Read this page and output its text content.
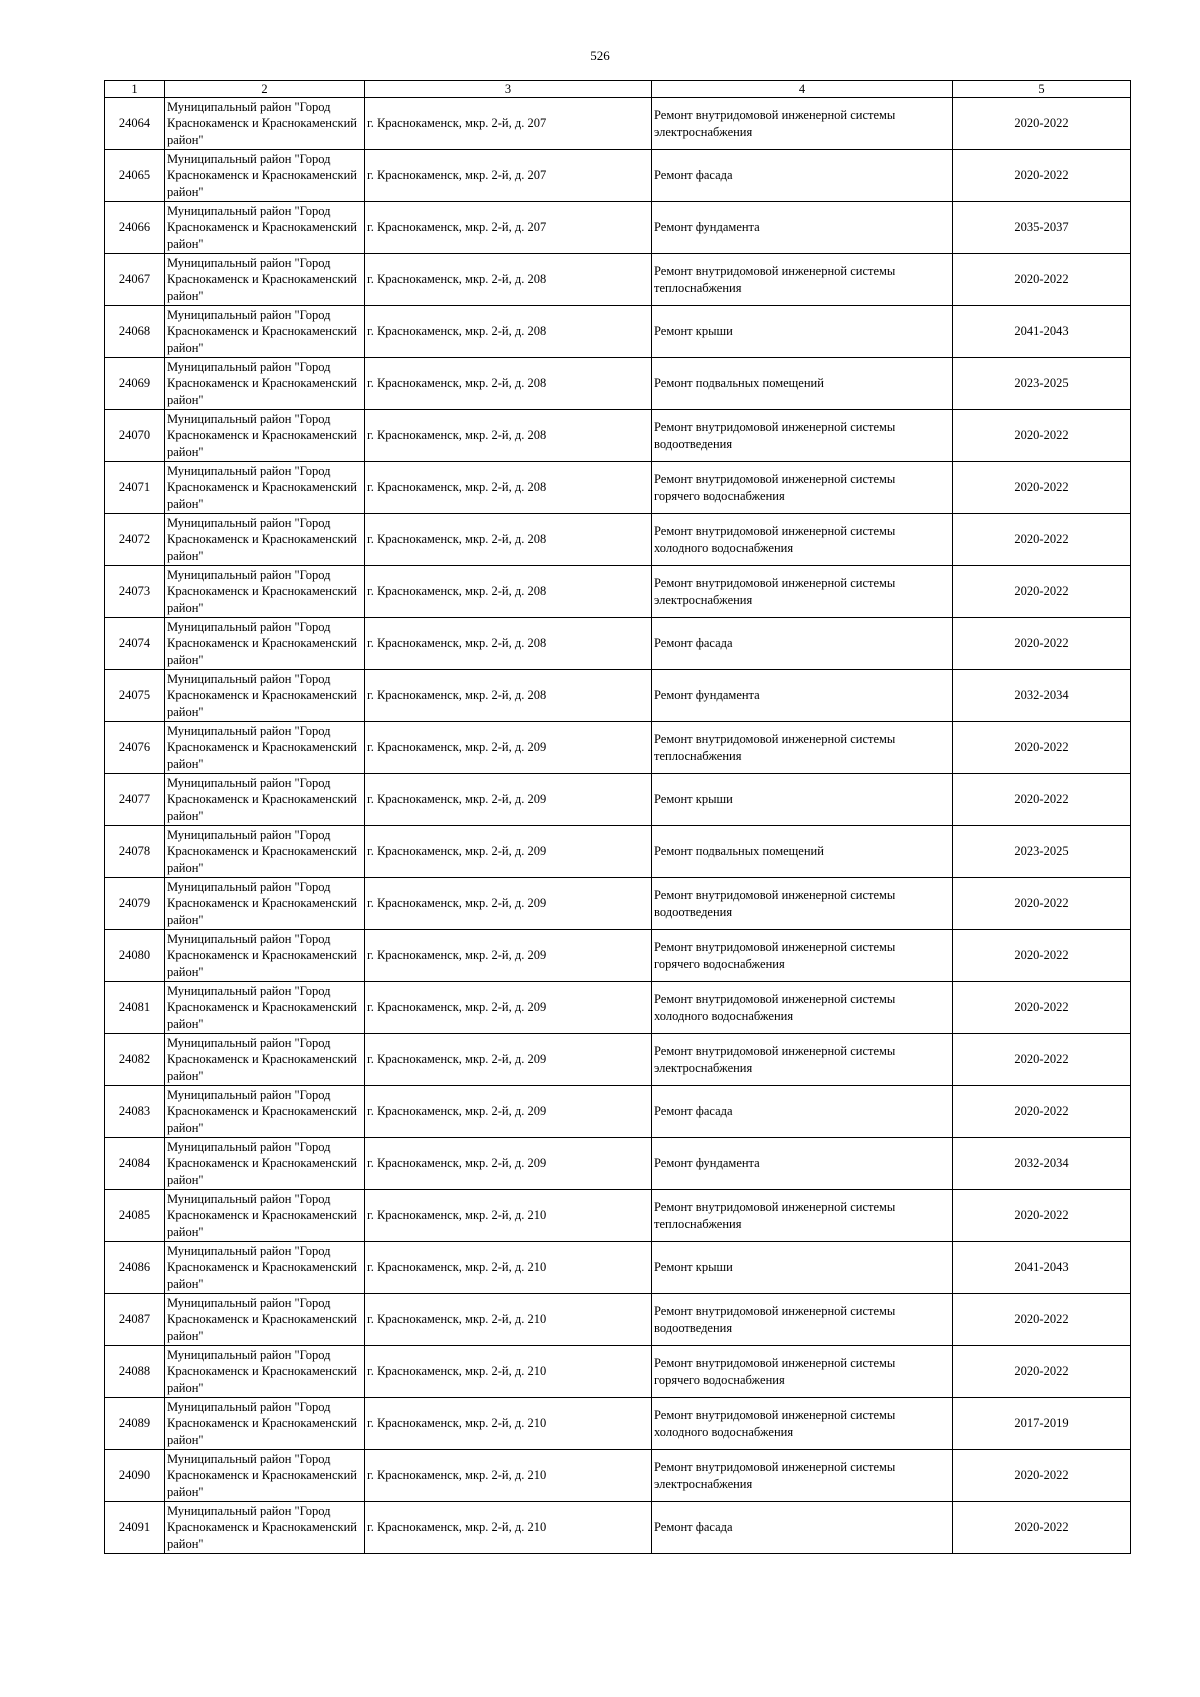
526
1	2	3	4	5
24064	Муниципальный район "Город Краснокаменск и Краснокаменский район"	г. Краснокаменск, мкр. 2-й, д. 207	Ремонт внутридомовой инженерной системы электроснабжения	2020-2022
24065	Муниципальный район "Город Краснокаменск и Краснокаменский район"	г. Краснокаменск, мкр. 2-й, д. 207	Ремонт фасада	2020-2022
24066	Муниципальный район "Город Краснокаменск и Краснокаменский район"	г. Краснокаменск, мкр. 2-й, д. 207	Ремонт фундамента	2035-2037
24067	Муниципальный район "Город Краснокаменск и Краснокаменский район"	г. Краснокаменск, мкр. 2-й, д. 208	Ремонт внутридомовой инженерной системы теплоснабжения	2020-2022
24068	Муниципальный район "Город Краснокаменск и Краснокаменский район"	г. Краснокаменск, мкр. 2-й, д. 208	Ремонт крыши	2041-2043
24069	Муниципальный район "Город Краснокаменск и Краснокаменский район"	г. Краснокаменск, мкр. 2-й, д. 208	Ремонт подвальных помещений	2023-2025
24070	Муниципальный район "Город Краснокаменск и Краснокаменский район"	г. Краснокаменск, мкр. 2-й, д. 208	Ремонт внутридомовой инженерной системы водоотведения	2020-2022
24071	Муниципальный район "Город Краснокаменск и Краснокаменский район"	г. Краснокаменск, мкр. 2-й, д. 208	Ремонт внутридомовой инженерной системы горячего водоснабжения	2020-2022
24072	Муниципальный район "Город Краснокаменск и Краснокаменский район"	г. Краснокаменск, мкр. 2-й, д. 208	Ремонт внутридомовой инженерной системы холодного водоснабжения	2020-2022
24073	Муниципальный район "Город Краснокаменск и Краснокаменский район"	г. Краснокаменск, мкр. 2-й, д. 208	Ремонт внутридомовой инженерной системы электроснабжения	2020-2022
24074	Муниципальный район "Город Краснокаменск и Краснокаменский район"	г. Краснокаменск, мкр. 2-й, д. 208	Ремонт фасада	2020-2022
24075	Муниципальный район "Город Краснокаменск и Краснокаменский район"	г. Краснокаменск, мкр. 2-й, д. 208	Ремонт фундамента	2032-2034
24076	Муниципальный район "Город Краснокаменск и Краснокаменский район"	г. Краснокаменск, мкр. 2-й, д. 209	Ремонт внутридомовой инженерной системы теплоснабжения	2020-2022
24077	Муниципальный район "Город Краснокаменск и Краснокаменский район"	г. Краснокаменск, мкр. 2-й, д. 209	Ремонт крыши	2020-2022
24078	Муниципальный район "Город Краснокаменск и Краснокаменский район"	г. Краснокаменск, мкр. 2-й, д. 209	Ремонт подвальных помещений	2023-2025
24079	Муниципальный район "Город Краснокаменск и Краснокаменский район"	г. Краснокаменск, мкр. 2-й, д. 209	Ремонт внутридомовой инженерной системы водоотведения	2020-2022
24080	Муниципальный район "Город Краснокаменск и Краснокаменский район"	г. Краснокаменск, мкр. 2-й, д. 209	Ремонт внутридомовой инженерной системы горячего водоснабжения	2020-2022
24081	Муниципальный район "Город Краснокаменск и Краснокаменский район"	г. Краснокаменск, мкр. 2-й, д. 209	Ремонт внутридомовой инженерной системы холодного водоснабжения	2020-2022
24082	Муниципальный район "Город Краснокаменск и Краснокаменский район"	г. Краснокаменск, мкр. 2-й, д. 209	Ремонт внутридомовой инженерной системы электроснабжения	2020-2022
24083	Муниципальный район "Город Краснокаменск и Краснокаменский район"	г. Краснокаменск, мкр. 2-й, д. 209	Ремонт фасада	2020-2022
24084	Муниципальный район "Город Краснокаменск и Краснокаменский район"	г. Краснокаменск, мкр. 2-й, д. 209	Ремонт фундамента	2032-2034
24085	Муниципальный район "Город Краснокаменск и Краснокаменский район"	г. Краснокаменск, мкр. 2-й, д. 210	Ремонт внутридомовой инженерной системы теплоснабжения	2020-2022
24086	Муниципальный район "Город Краснокаменск и Краснокаменский район"	г. Краснокаменск, мкр. 2-й, д. 210	Ремонт крыши	2041-2043
24087	Муниципальный район "Город Краснокаменск и Краснокаменский район"	г. Краснокаменск, мкр. 2-й, д. 210	Ремонт внутридомовой инженерной системы водоотведения	2020-2022
24088	Муниципальный район "Город Краснокаменск и Краснокаменский район"	г. Краснокаменск, мкр. 2-й, д. 210	Ремонт внутридомовой инженерной системы горячего водоснабжения	2020-2022
24089	Муниципальный район "Город Краснокаменск и Краснокаменский район"	г. Краснокаменск, мкр. 2-й, д. 210	Ремонт внутридомовой инженерной системы холодного водоснабжения	2017-2019
24090	Муниципальный район "Город Краснокаменск и Краснокаменский район"	г. Краснокаменск, мкр. 2-й, д. 210	Ремонт внутридомовой инженерной системы электроснабжения	2020-2022
24091	Муниципальный район "Город Краснокаменск и Краснокаменский район"	г. Краснокаменск, мкр. 2-й, д. 210	Ремонт фасада	2020-2022
